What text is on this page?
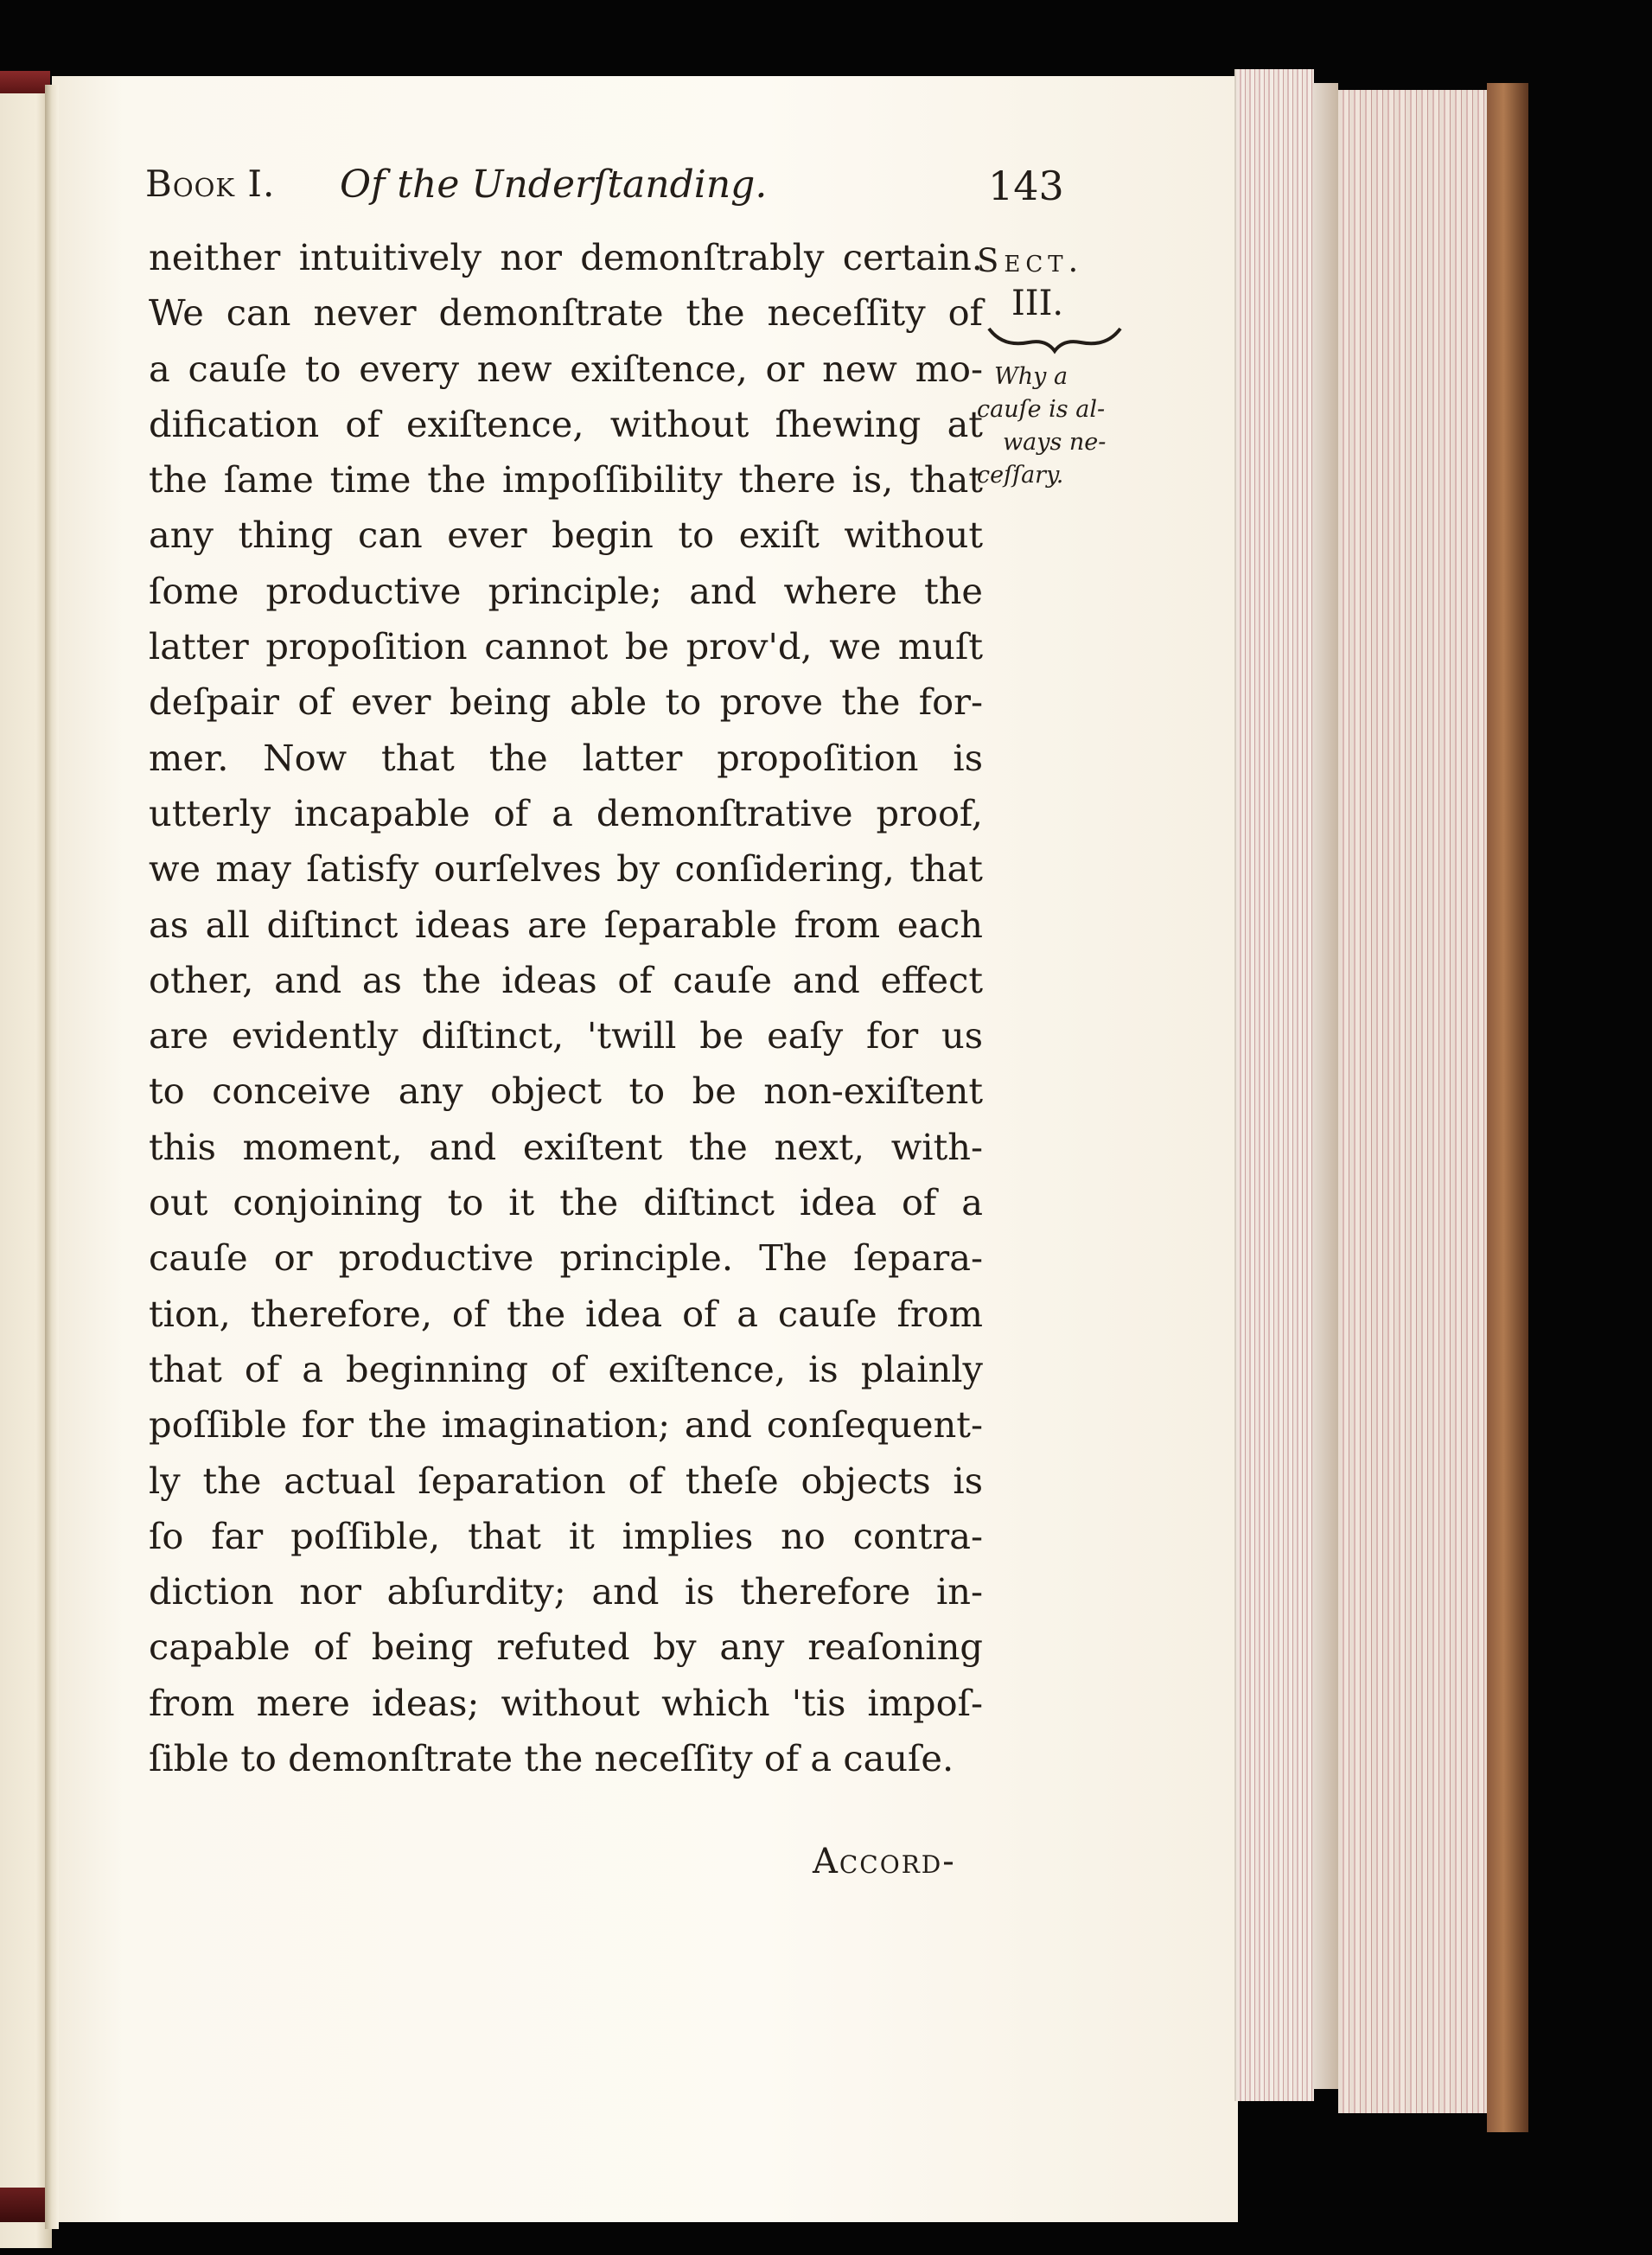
Book I. Of the Underſtanding.	143
neither intuitively nor demonſtrably certain.
We can never demonſtrate the neceſſity of
a cauſe to every new exiſtence, or new mo-
dification of exiſtence, without ſhewing at
the ſame time the impoſſibility there is, that
any thing can ever begin to exiſt without
ſome productive principle; and where the
latter propoſition cannot be prov'd, we muſt
deſpair of ever being able to prove the for-
mer. Now that the latter propoſition is
utterly incapable of a demonſtrative proof,
we may ſatisfy ourſelves by conſidering, that
as all diſtinct ideas are ſeparable from each
other, and as the ideas of cauſe and effect
are evidently diſtinct, 'twill be eaſy for us
to conceive any object to be non-exiſtent
this moment, and exiſtent the next, with-
out conjoining to it the diſtinct idea of a
cauſe or productive principle. The ſepara-
tion, therefore, of the idea of a cauſe from
that of a beginning of exiſtence, is plainly
poſſible for the imagination; and conſequent-
ly the actual ſeparation of theſe objects is
ſo far poſſible, that it implies no contra-
diction nor abſurdity; and is therefore in-
capable of being refuted by any reaſoning
from mere ideas; without which 'tis impoſ-
ſible to demonſtrate the neceſſity of a cauſe.
Sect.
III.
Why a
cauſe is al-
ways ne-
ceſſary.
Accord-
